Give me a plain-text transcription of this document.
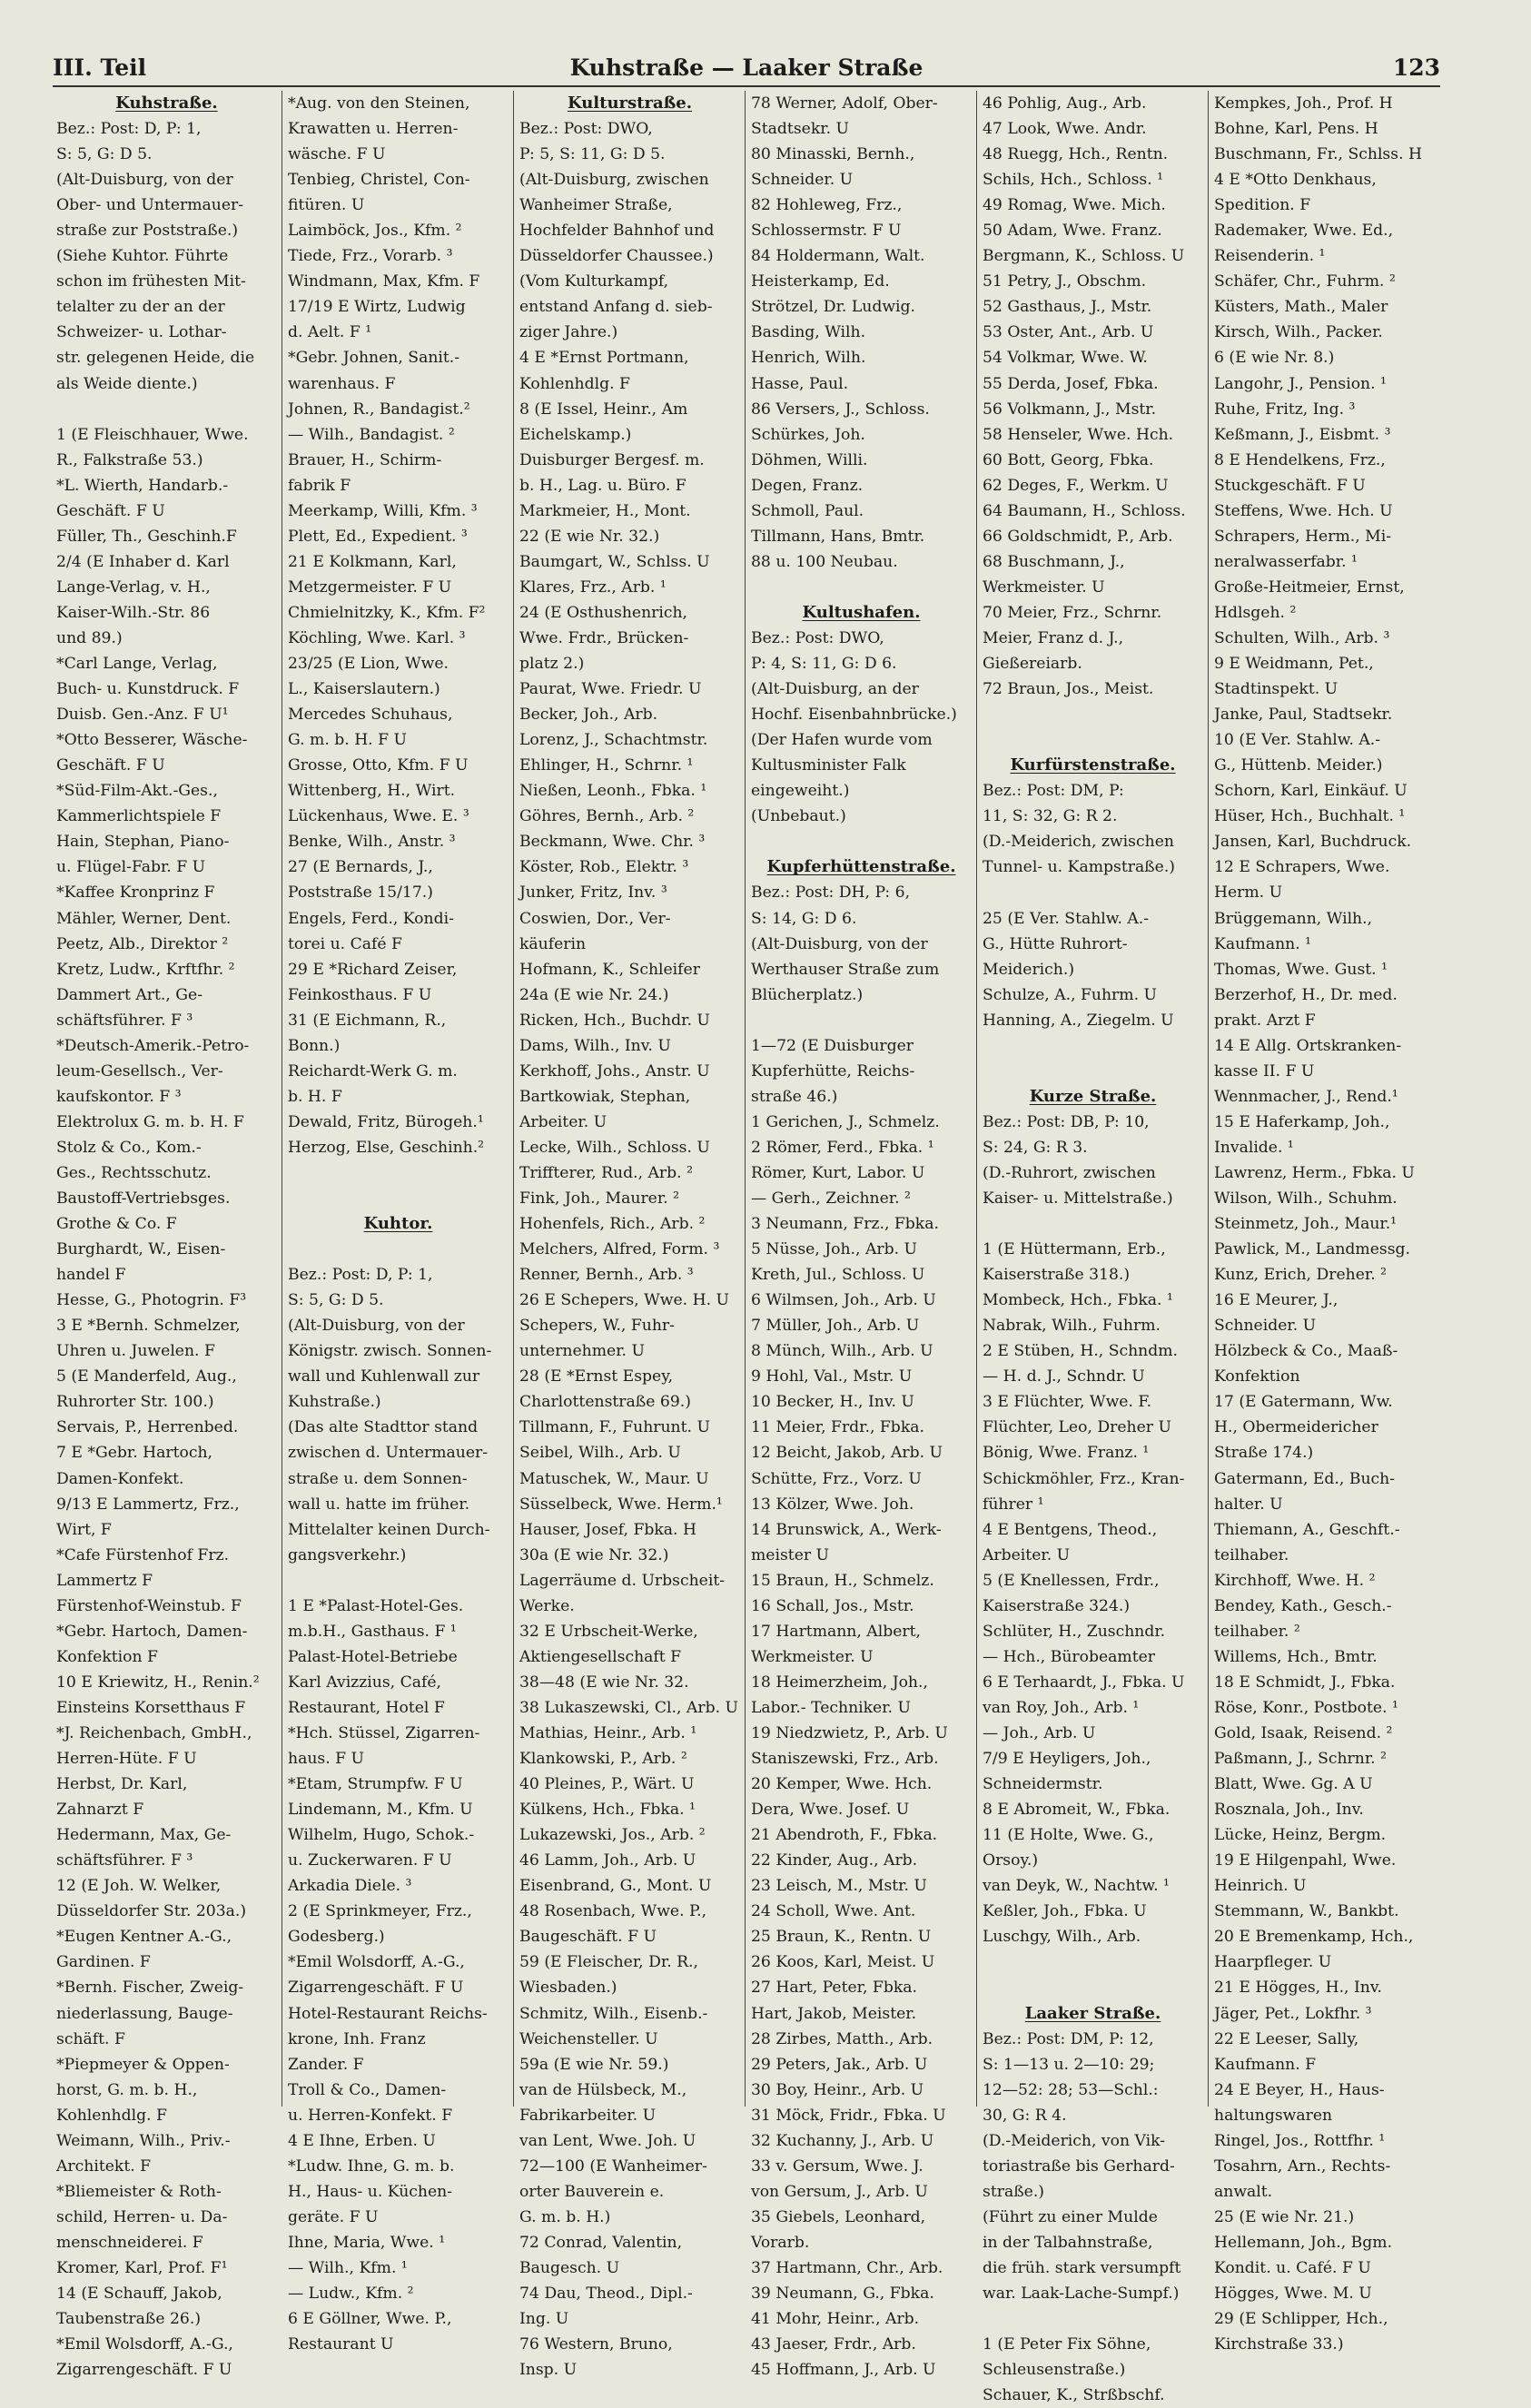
III. Teil	Kuhstraße — Laaker Straße	123
Kuhstraße.
Bez.: Post: D, P: 1,
S: 5, G: D 5.
(Alt-Duisburg, von der
Ober- und Untermauer-
straße zur Poststraße.)
(Siehe Kuhtor. Führte
schon im frühesten Mit-
telalter zu der an der
Schweizer- u. Lothar-
str. gelegenen Heide, die
als Weide diente.)
1 (E Fleischhauer, Wwe.
R., Falkstraße 53.)
*L. Wierth, Handarb.-
Geschäft. F U
Füller, Th., Geschinh.F
2/4 (E Inhaber d. Karl
Lange-Verlag, v. H.,
Kaiser-Wilh.-Str. 86
und 89.)
*Carl Lange, Verlag,
Buch- u. Kunstdruck. F
Duisb. Gen.-Anz. F U¹
*Otto Besserer, Wäsche-
Geschäft. F U
*Süd-Film-Akt.-Ges.,
Kammerlichtspiele F
Hain, Stephan, Piano-
u. Flügel-Fabr. F U
*Kaffee Kronprinz F
Mähler, Werner, Dent.
Peetz, Alb., Direktor ²
Kretz, Ludw., Krftfhr. ²
Dammert Art., Ge-
schäftsführer. F ³
*Deutsch-Amerik.-Petro-
leum-Gesellsch., Ver-
kaufskontor. F ³
Elektrolux G. m. b. H. F
Stolz & Co., Kom.-
Ges., Rechtsschutz.
Baustoff-Vertriebsges.
Grothe & Co. F
Burghardt, W., Eisen-
handel F
Hesse, G., Photogrin. F³
3 E *Bernh. Schmelzer,
Uhren u. Juwelen. F
5 (E Manderfeld, Aug.,
Ruhrorter Str. 100.)
Servais, P., Herrenbed.
7 E *Gebr. Hartoch,
Damen-Konfekt.
9/13 E Lammertz, Frz.,
Wirt, F
*Cafe Fürstenhof Frz.
Lammertz F
Fürstenhof-Weinstub. F
*Gebr. Hartoch, Damen-
Konfektion F
10 E Kriewitz, H., Renin.²
Einsteins Korsetthaus F
*J. Reichenbach, GmbH.,
Herren-Hüte. F U
Herbst, Dr. Karl,
Zahnarzt F
Hedermann, Max, Ge-
schäftsführer. F ³
12 (E Joh. W. Welker,
Düsseldorfer Str. 203a.)
*Eugen Kentner A.-G.,
Gardinen. F
*Bernh. Fischer, Zweig-
niederlassung, Bauge-
schäft. F
*Piepmeyer & Oppen-
horst, G. m. b. H.,
Kohlenhdlg. F
Weimann, Wilh., Priv.-
Architekt. F
*Bliemeister & Roth-
schild, Herren- u. Da-
menschneiderei. F
Kromer, Karl, Prof. F¹
14 (E Schauff, Jakob,
Taubenstraße 26.)
*Emil Wolsdorff, A.-G.,
Zigarrengeschäft. F U
*Aug. von den Steinen,
Krawatten u. Herren-
wäsche. F U
Tenbieg, Christel, Con-
fitüren. U
Laimböck, Jos., Kfm. ²
Tiede, Frz., Vorarb. ³
Windmann, Max, Kfm. F
17/19 E Wirtz, Ludwig
d. Aelt. F ¹
*Gebr. Johnen, Sanit.-
warenhaus. F
Johnen, R., Bandagist.²
— Wilh., Bandagist. ²
Brauer, H., Schirm-
fabrik F
Meerkamp, Willi, Kfm. ³
Plett, Ed., Expedient. ³
21 E Kolkmann, Karl,
Metzgermeister. F U
Chmielnitzky, K., Kfm. F²
Köchling, Wwe. Karl. ³
23/25 (E Lion, Wwe.
L., Kaiserslautern.)
Mercedes Schuhaus,
G. m. b. H. F U
Grosse, Otto, Kfm. F U
Wittenberg, H., Wirt.
Lückenhaus, Wwe. E. ³
Benke, Wilh., Anstr. ³
27 (E Bernards, J.,
Poststraße 15/17.)
Engels, Ferd., Kondi-
torei u. Café F
29 E *Richard Zeiser,
Feinkosthaus. F U
31 (E Eichmann, R.,
Bonn.)
Reichardt-Werk G. m.
b. H. F
Dewald, Fritz, Bürogeh.¹
Herzog, Else, Geschinh.²
Kuhtor.
Bez.: Post: D, P: 1,
S: 5, G: D 5.
(Alt-Duisburg, von der
Königstr. zwisch. Sonnen-
wall und Kuhlenwall zur
Kuhstraße.)
(Das alte Stadttor stand
zwischen d. Untermauer-
straße u. dem Sonnen-
wall u. hatte im früher.
Mittelalter keinen Durch-
gangsverkehr.)
1 E *Palast-Hotel-Ges.
m.b.H., Gasthaus. F ¹
Palast-Hotel-Betriebe
Karl Avizzius, Café,
Restaurant, Hotel F
*Hch. Stüssel, Zigarren-
haus. F U
*Etam, Strumpfw. F U
Lindemann, M., Kfm. U
Wilhelm, Hugo, Schok.-
u. Zuckerwaren. F U
Arkadia Diele. ³
2 (E Sprinkmeyer, Frz.,
Godesberg.)
*Emil Wolsdorff, A.-G.,
Zigarrengeschäft. F U
Hotel-Restaurant Reichs-
krone, Inh. Franz
Zander. F
Troll & Co., Damen-
u. Herren-Konfekt. F
4 E Ihne, Erben. U
*Ludw. Ihne, G. m. b.
H., Haus- u. Küchen-
geräte. F U
Ihne, Maria, Wwe. ¹
— Wilh., Kfm. ¹
— Ludw., Kfm. ²
6 E Göllner, Wwe. P.,
Restaurant U
Kulturstraße.
Bez.: Post: DWO,
P: 5, S: 11, G: D 5.
(Alt-Duisburg, zwischen
Wanheimer Straße,
Hochfelder Bahnhof und
Düsseldorfer Chaussee.)
(Vom Kulturkampf,
entstand Anfang d. sieb-
ziger Jahre.)
4 E *Ernst Portmann,
Kohlenhdlg. F
8 (E Issel, Heinr., Am
Eichelskamp.)
Duisburger Bergesf. m.
b. H., Lag. u. Büro. F
Markmeier, H., Mont.
22 (E wie Nr. 32.)
Baumgart, W., Schlss. U
Klares, Frz., Arb. ¹
24 (E Osthushenrich,
Wwe. Frdr., Brücken-
platz 2.)
Paurat, Wwe. Friedr. U
Becker, Joh., Arb.
Lorenz, J., Schachtmstr.
Ehlinger, H., Schrnr. ¹
Nießen, Leonh., Fbka. ¹
Göhres, Bernh., Arb. ²
Beckmann, Wwe. Chr. ³
Köster, Rob., Elektr. ³
Junker, Fritz, Inv. ³
Coswien, Dor., Ver-
käuferin
Hofmann, K., Schleifer
24a (E wie Nr. 24.)
Ricken, Hch., Buchdr. U
Dams, Wilh., Inv. U
Kerkhoff, Johs., Anstr. U
Bartkowiak, Stephan,
Arbeiter. U
Lecke, Wilh., Schloss. U
Triffterer, Rud., Arb. ²
Fink, Joh., Maurer. ²
Hohenfels, Rich., Arb. ²
Melchers, Alfred, Form. ³
Renner, Bernh., Arb. ³
26 E Schepers, Wwe. H. U
Schepers, W., Fuhr-
unternehmer. U
28 (E *Ernst Espey,
Charlottenstraße 69.)
Tillmann, F., Fuhrunt. U
Seibel, Wilh., Arb. U
Matuschek, W., Maur. U
Süsselbeck, Wwe. Herm.¹
Hauser, Josef, Fbka. H
30a (E wie Nr. 32.)
Lagerräume d. Urbscheit-
Werke.
32 E Urbscheit-Werke,
Aktiengesellschaft F
38—48 (E wie Nr. 32.
38 Lukaszewski, Cl., Arb. U
Mathias, Heinr., Arb. ¹
Klankowski, P., Arb. ²
40 Pleines, P., Wärt. U
Külkens, Hch., Fbka. ¹
Lukazewski, Jos., Arb. ²
46 Lamm, Joh., Arb. U
Eisenbrand, G., Mont. U
48 Rosenbach, Wwe. P.,
Baugeschäft. F U
59 (E Fleischer, Dr. R.,
Wiesbaden.)
Schmitz, Wilh., Eisenb.-
Weichensteller. U
59a (E wie Nr. 59.)
van de Hülsbeck, M.,
Fabrikarbeiter. U
van Lent, Wwe. Joh. U
72—100 (E Wanheimer-
orter Bauverein e.
G. m. b. H.)
72 Conrad, Valentin,
Baugesch. U
74 Dau, Theod., Dipl.-
Ing. U
76 Western, Bruno,
Insp. U
78 Werner, Adolf, Ober-
Stadtsekr. U
80 Minasski, Bernh.,
Schneider. U
82 Hohleweg, Frz.,
Schlossermstr. F U
84 Holdermann, Walt.
Heisterkamp, Ed.
Strötzel, Dr. Ludwig.
Basding, Wilh.
Henrich, Wilh.
Hasse, Paul.
86 Versers, J., Schloss.
Schürkes, Joh.
Döhmen, Willi.
Degen, Franz.
Schmoll, Paul.
Tillmann, Hans, Bmtr.
88 u. 100 Neubau.
Kultushafen.
Bez.: Post: DWO,
P: 4, S: 11, G: D 6.
(Alt-Duisburg, an der
Hochf. Eisenbahnbrücke.)
(Der Hafen wurde vom
Kultusminister Falk
eingeweiht.)
(Unbebaut.)
Kupferhüttenstraße.
Bez.: Post: DH, P: 6,
S: 14, G: D 6.
(Alt-Duisburg, von der
Werthauser Straße zum
Blücherplatz.)
1—72 (E Duisburger
Kupferhütte, Reichs-
straße 46.)
1 Gerichen, J., Schmelz.
2 Römer, Ferd., Fbka. ¹
Römer, Kurt, Labor. U
— Gerh., Zeichner. ²
3 Neumann, Frz., Fbka.
5 Nüsse, Joh., Arb. U
Kreth, Jul., Schloss. U
6 Wilmsen, Joh., Arb. U
7 Müller, Joh., Arb. U
8 Münch, Wilh., Arb. U
9 Hohl, Val., Mstr. U
10 Becker, H., Inv. U
11 Meier, Frdr., Fbka.
12 Beicht, Jakob, Arb. U
Schütte, Frz., Vorz. U
13 Kölzer, Wwe. Joh.
14 Brunswick, A., Werk-
meister U
15 Braun, H., Schmelz.
16 Schall, Jos., Mstr.
17 Hartmann, Albert,
Werkmeister. U
18 Heimerzheim, Joh.,
Labor.- Techniker. U
19 Niedzwietz, P., Arb. U
Staniszewski, Frz., Arb.
20 Kemper, Wwe. Hch.
Dera, Wwe. Josef. U
21 Abendroth, F., Fbka.
22 Kinder, Aug., Arb.
23 Leisch, M., Mstr. U
24 Scholl, Wwe. Ant.
25 Braun, K., Rentn. U
26 Koos, Karl, Meist. U
27 Hart, Peter, Fbka.
Hart, Jakob, Meister.
28 Zirbes, Matth., Arb.
29 Peters, Jak., Arb. U
30 Boy, Heinr., Arb. U
31 Möck, Fridr., Fbka. U
32 Kuchanny, J., Arb. U
33 v. Gersum, Wwe. J.
von Gersum, J., Arb. U
35 Giebels, Leonhard,
Vorarb.
37 Hartmann, Chr., Arb.
39 Neumann, G., Fbka.
41 Mohr, Heinr., Arb.
43 Jaeser, Frdr., Arb.
45 Hoffmann, J., Arb. U
46 Pohlig, Aug., Arb.
47 Look, Wwe. Andr.
48 Ruegg, Hch., Rentn.
Schils, Hch., Schloss. ¹
49 Romag, Wwe. Mich.
50 Adam, Wwe. Franz.
Bergmann, K., Schloss. U
51 Petry, J., Obschm.
52 Gasthaus, J., Mstr.
53 Oster, Ant., Arb. U
54 Volkmar, Wwe. W.
55 Derda, Josef, Fbka.
56 Volkmann, J., Mstr.
58 Henseler, Wwe. Hch.
60 Bott, Georg, Fbka.
62 Deges, F., Werkm. U
64 Baumann, H., Schloss.
66 Goldschmidt, P., Arb.
68 Buschmann, J.,
Werkmeister. U
70 Meier, Frz., Schrnr.
Meier, Franz d. J.,
Gießereiarb.
72 Braun, Jos., Meist.
Kurfürstenstraße.
Bez.: Post: DM, P:
11, S: 32, G: R 2.
(D.-Meiderich, zwischen
Tunnel- u. Kampstraße.)
25 (E Ver. Stahlw. A.-
G., Hütte Ruhrort-
Meiderich.)
Schulze, A., Fuhrm. U
Hanning, A., Ziegelm. U
Kurze Straße.
Bez.: Post: DB, P: 10,
S: 24, G: R 3.
(D.-Ruhrort, zwischen
Kaiser- u. Mittelstraße.)
1 (E Hüttermann, Erb.,
Kaiserstraße 318.)
Mombeck, Hch., Fbka. ¹
Nabrak, Wilh., Fuhrm.
2 E Stüben, H., Schndm.
— H. d. J., Schndr. U
3 E Flüchter, Wwe. F.
Flüchter, Leo, Dreher U
Bönig, Wwe. Franz. ¹
Schickmöhler, Frz., Kran-
führer ¹
4 E Bentgens, Theod.,
Arbeiter. U
5 (E Knellessen, Frdr.,
Kaiserstraße 324.)
Schlüter, H., Zuschndr.
— Hch., Bürobeamter
6 E Terhaardt, J., Fbka. U
van Roy, Joh., Arb. ¹
— Joh., Arb. U
7/9 E Heyligers, Joh.,
Schneidermstr.
8 E Abromeit, W., Fbka.
11 (E Holte, Wwe. G.,
Orsoy.)
van Deyk, W., Nachtw. ¹
Keßler, Joh., Fbka. U
Luschgy, Wilh., Arb.
Laaker Straße.
Bez.: Post: DM, P: 12,
S: 1—13 u. 2—10: 29;
12—52: 28; 53—Schl.:
30, G: R 4.
(D.-Meiderich, von Vik-
toriastraße bis Gerhard-
straße.)
(Führt zu einer Mulde
in der Talbahnstraße,
die früh. stark versumpft
war. Laak-Lache-Sumpf.)
1 (E Peter Fix Söhne,
Schleusenstraße.)
Schauer, K., Strßbschf.
Kempkes, Joh., Prof. H
Bohne, Karl, Pens. H
Buschmann, Fr., Schlss. H
4 E *Otto Denkhaus,
Spedition. F
Rademaker, Wwe. Ed.,
Reisenderin. ¹
Schäfer, Chr., Fuhrm. ²
Küsters, Math., Maler
Kirsch, Wilh., Packer.
6 (E wie Nr. 8.)
Langohr, J., Pension. ¹
Ruhe, Fritz, Ing. ³
Keßmann, J., Eisbmt. ³
8 E Hendelkens, Frz.,
Stuckgeschäft. F U
Steffens, Wwe. Hch. U
Schrapers, Herm., Mi-
neralwasserfabr. ¹
Große-Heitmeier, Ernst,
Hdlsgeh. ²
Schulten, Wilh., Arb. ³
9 E Weidmann, Pet.,
Stadtinspekt. U
Janke, Paul, Stadtsekr.
10 (E Ver. Stahlw. A.-
G., Hüttenb. Meider.)
Schorn, Karl, Einkäuf. U
Hüser, Hch., Buchhalt. ¹
Jansen, Karl, Buchdruck.
12 E Schrapers, Wwe.
Herm. U
Brüggemann, Wilh.,
Kaufmann. ¹
Thomas, Wwe. Gust. ¹
Berzerhof, H., Dr. med.
prakt. Arzt F
14 E Allg. Ortskranken-
kasse II. F U
Wennmacher, J., Rend.¹
15 E Haferkamp, Joh.,
Invalide. ¹
Lawrenz, Herm., Fbka. U
Wilson, Wilh., Schuhm.
Steinmetz, Joh., Maur.¹
Pawlick, M., Landmessg.
Kunz, Erich, Dreher. ²
16 E Meurer, J.,
Schneider. U
Hölzbeck & Co., Maaß-
Konfektion
17 (E Gatermann, Ww.
H., Obermeidericher
Straße 174.)
Gatermann, Ed., Buch-
halter. U
Thiemann, A., Geschft.-
teilhaber.
Kirchhoff, Wwe. H. ²
Bendey, Kath., Gesch.-
teilhaber. ²
Willems, Hch., Bmtr.
18 E Schmidt, J., Fbka.
Röse, Konr., Postbote. ¹
Gold, Isaak, Reisend. ²
Paßmann, J., Schrnr. ²
Blatt, Wwe. Gg. A U
Rosznala, Joh., Inv.
Lücke, Heinz, Bergm.
19 E Hilgenpahl, Wwe.
Heinrich. U
Stemmann, W., Bankbt.
20 E Bremenkamp, Hch.,
Haarpfleger. U
21 E Högges, H., Inv.
Jäger, Pet., Lokfhr. ³
22 E Leeser, Sally,
Kaufmann. F
24 E Beyer, H., Haus-
haltungswaren
Ringel, Jos., Rottfhr. ¹
Tosahrn, Arn., Rechts-
anwalt.
25 (E wie Nr. 21.)
Hellemann, Joh., Bgm.
Kondit. u. Café. F U
Högges, Wwe. M. U
29 (E Schlipper, Hch.,
Kirchstraße 33.)
